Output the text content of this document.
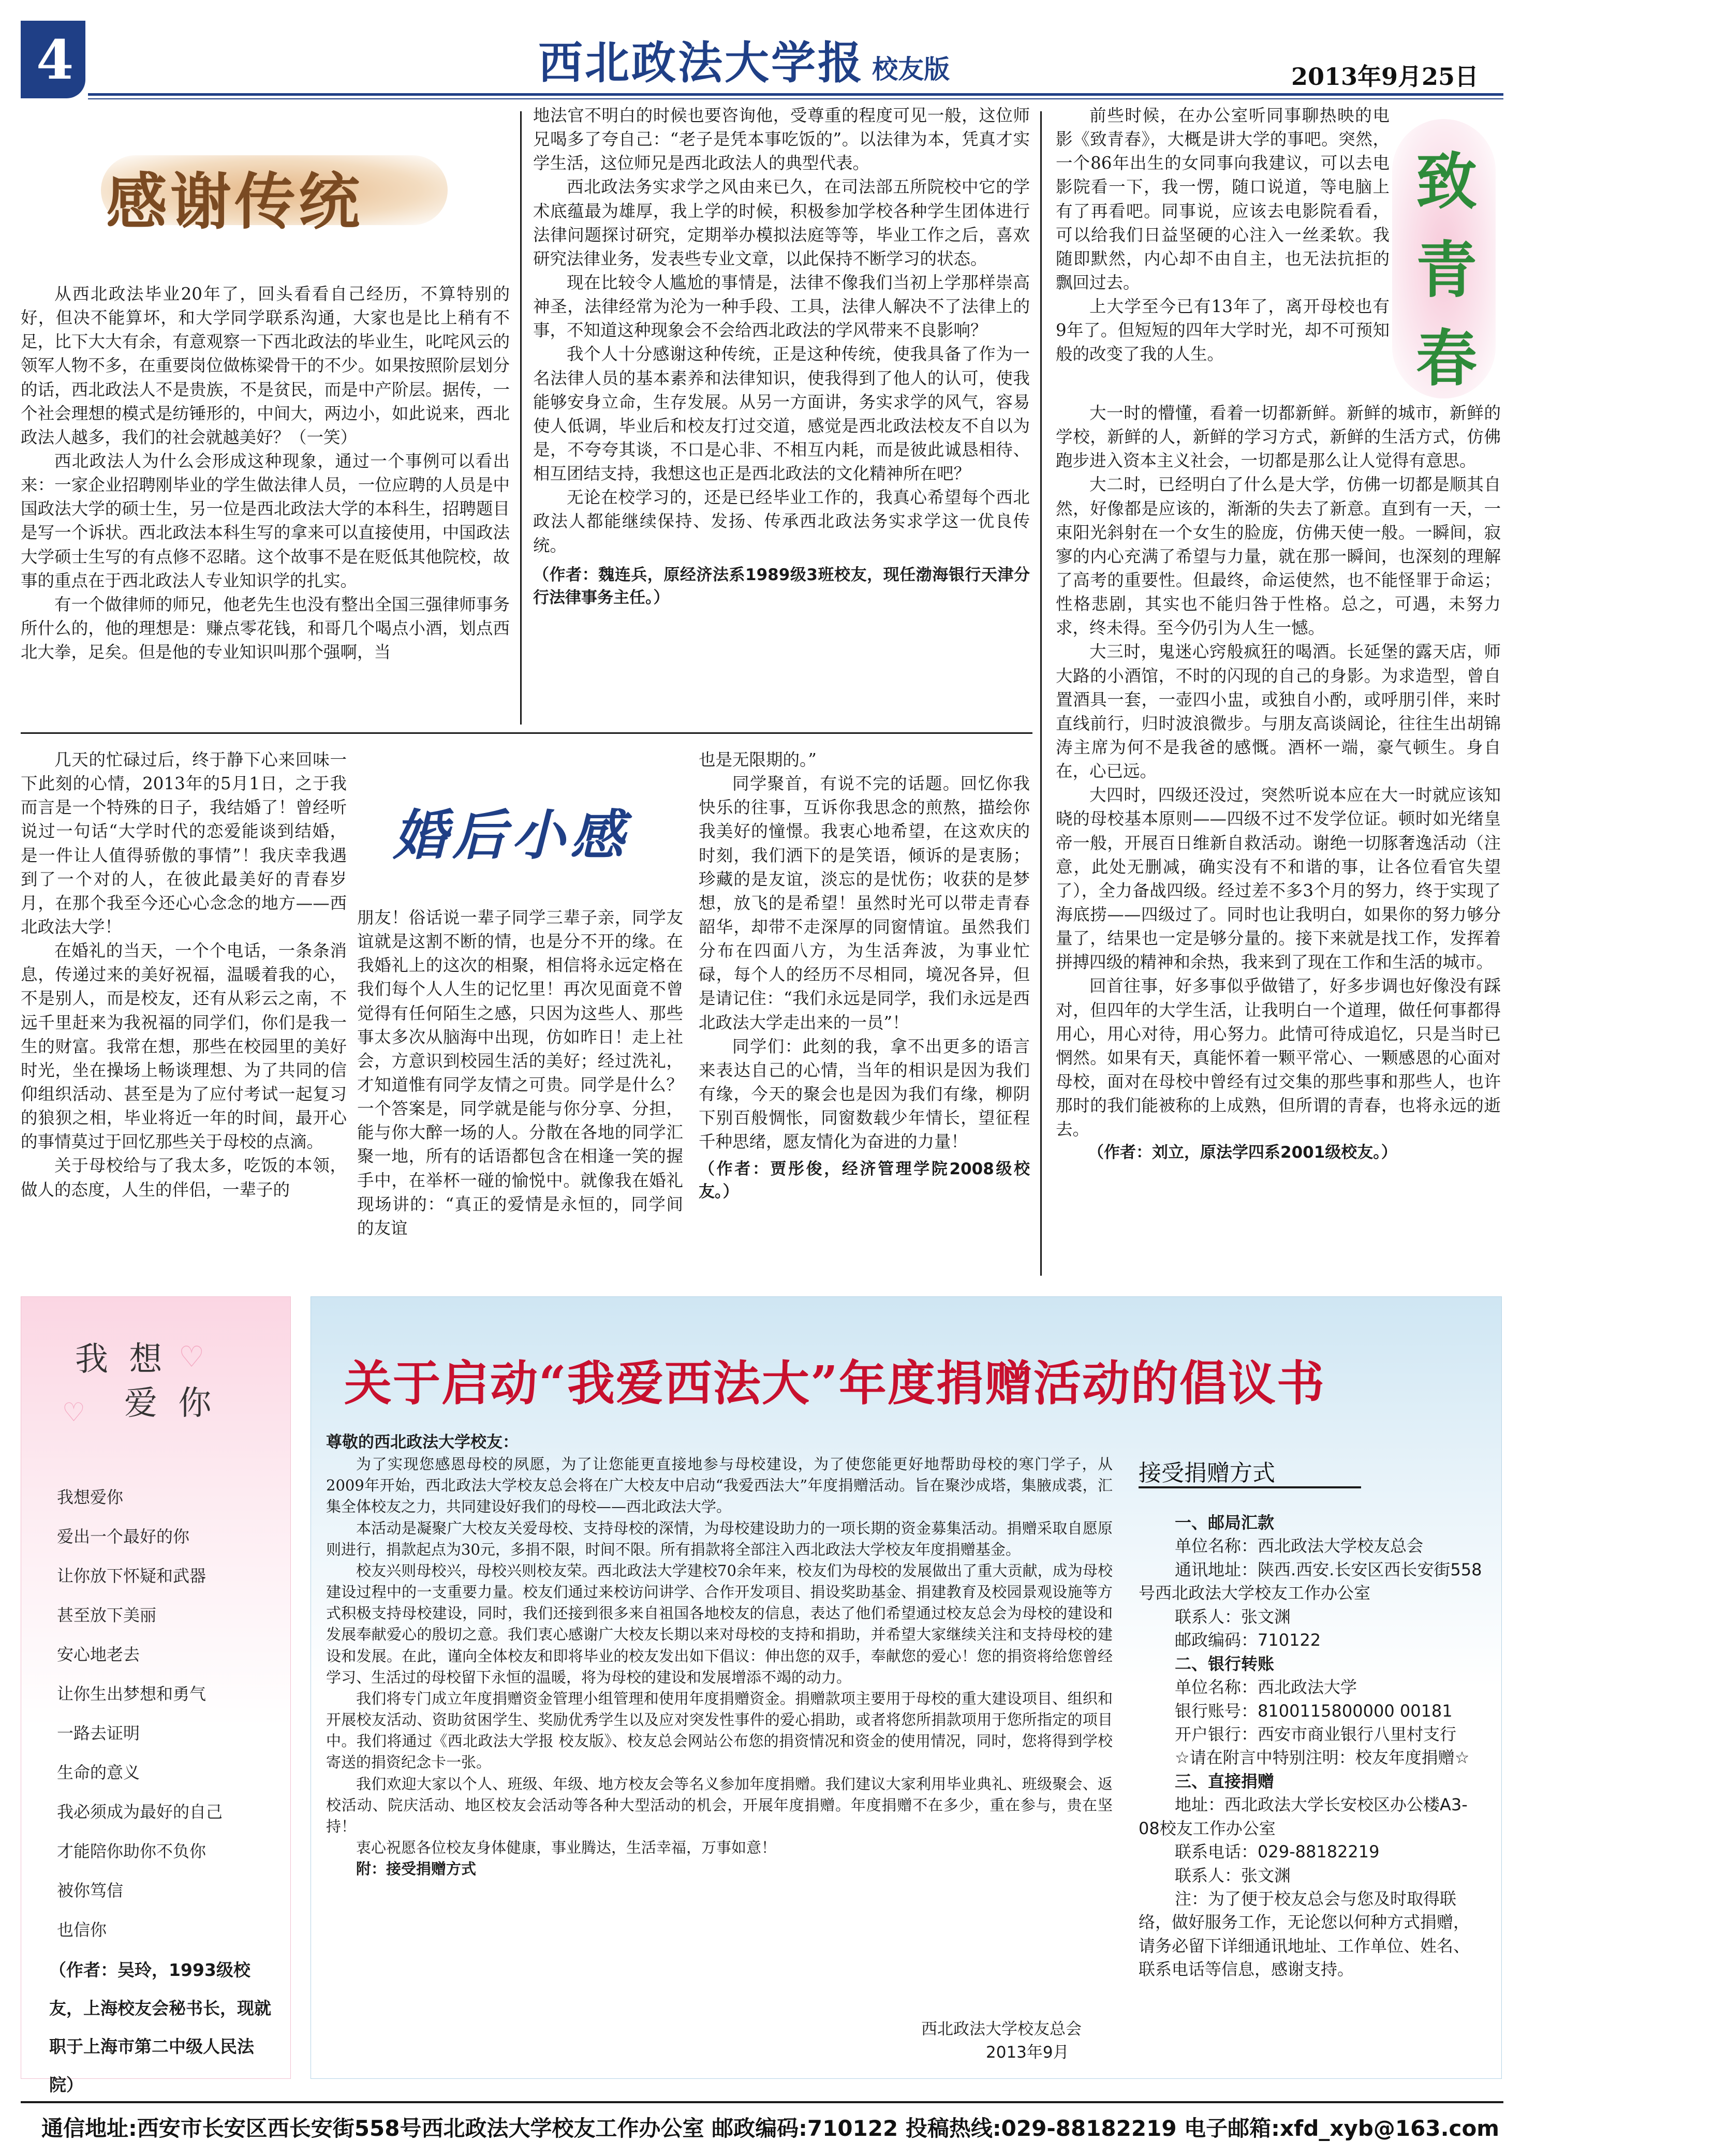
4	西北政法大学报 校友版	2013年9月25日
感谢传统

从西北政法毕业20年了，回头看看自己经历，不算特别的好，但决不能算坏，和大学同学联系沟通，大家也是比上稍有不足，比下大大有余，有意观察一下西北政法的毕业生，叱咤风云的领军人物不多，在重要岗位做栋梁骨干的不少。如果按照阶层划分的话，西北政法人不是贵族，不是贫民，而是中产阶层。据传，一个社会理想的模式是纺锤形的，中间大，两边小，如此说来，西北政法人越多，我们的社会就越美好？（一笑）

西北政法人为什么会形成这种现象，通过一个事例可以看出来：一家企业招聘刚毕业的学生做法律人员，一位应聘的人员是中国政法大学的硕士生，另一位是西北政法大学的本科生，招聘题目是写一个诉状。西北政法本科生写的拿来可以直接使用，中国政法大学硕士生写的有点修不忍睹。这个故事不是在贬低其他院校，故事的重点在于西北政法人专业知识学的扎实。

有一个做律师的师兄，他老先生也没有整出全国三强律师事务所什么的，他的理想是：赚点零花钱，和哥几个喝点小酒，划点西北大拳，足矣。但是他的专业知识叫那个强啊，当

地法官不明白的时候也要咨询他，受尊重的程度可见一般，这位师兄喝多了夸自己：“老子是凭本事吃饭的”。以法律为本，凭真才实学生活，这位师兄是西北政法人的典型代表。

西北政法务实求学之风由来已久，在司法部五所院校中它的学术底蕴最为雄厚，我上学的时候，积极参加学校各种学生团体进行法律问题探讨研究，定期举办模拟法庭等等，毕业工作之后，喜欢研究法律业务，发表些专业文章，以此保持不断学习的状态。

现在比较令人尴尬的事情是，法律不像我们当初上学那样崇高神圣，法律经常为沦为一种手段、工具，法律人解决不了法律上的事，不知道这种现象会不会给西北政法的学风带来不良影响？

我个人十分感谢这种传统，正是这种传统，使我具备了作为一名法律人员的基本素养和法律知识，使我得到了他人的认可，使我能够安身立命，生存发展。从另一方面讲，务实求学的风气，容易使人低调，毕业后和校友打过交道，感觉是西北政法校友不自以为是，不夸夸其谈，不口是心非、不相互内耗，而是彼此诚恳相待、相互团结支持，我想这也正是西北政法的文化精神所在吧？

无论在校学习的，还是已经毕业工作的，我真心希望每个西北政法人都能继续保持、发扬、传承西北政法务实求学这一优良传统。

（作者：魏连兵，原经济法系1989级3班校友，现任渤海银行天津分行法律事务主任。）

几天的忙碌过后，终于静下心来回味一下此刻的心情，2013年的5月1日，之于我而言是一个特殊的日子，我结婚了！曾经听说过一句话“大学时代的恋爱能谈到结婚，是一件让人值得骄傲的事情”！我庆幸我遇到了一个对的人，在彼此最美好的青春岁月，在那个我至今还心心念念的地方——西北政法大学！

在婚礼的当天，一个个电话，一条条消息，传递过来的美好祝福，温暖着我的心，不是别人，而是校友，还有从彩云之南，不远千里赶来为我祝福的同学们，你们是我一生的财富。我常在想，那些在校园里的美好时光，坐在操场上畅谈理想、为了共同的信仰组织活动、甚至是为了应付考试一起复习的狼狈之相，毕业将近一年的时间，最开心的事情莫过于回忆那些关于母校的点滴。

关于母校给与了我太多，吃饭的本领，做人的态度，人生的伴侣，一辈子的

婚后小感

朋友！俗话说一辈子同学三辈子亲，同学友谊就是这割不断的情，也是分不开的缘。在我婚礼上的这次的相聚，相信将永远定格在我们每个人人生的记忆里！再次见面竟不曾觉得有任何陌生之感，只因为这些人、那些事太多次从脑海中出现，仿如昨日！走上社会，方意识到校园生活的美好；经过洗礼，才知道惟有同学友情之可贵。同学是什么？一个答案是，同学就是能与你分享、分担，能与你大醉一场的人。分散在各地的同学汇聚一地，所有的话语都包含在相逢一笑的握手中，在举杯一碰的愉悦中。就像我在婚礼现场讲的：“真正的爱情是永恒的，同学间的友谊

也是无限期的。”

同学聚首，有说不完的话题。回忆你我快乐的往事，互诉你我思念的煎熬，描绘你我美好的憧憬。我衷心地希望，在这欢庆的时刻，我们洒下的是笑语，倾诉的是衷肠；珍藏的是友谊，淡忘的是忧伤；收获的是梦想，放飞的是希望！虽然时光可以带走青春韶华，却带不走深厚的同窗情谊。虽然我们分布在四面八方，为生活奔波，为事业忙碌，每个人的经历不尽相同，境况各异，但是请记住：“我们永远是同学，我们永远是西北政法大学走出来的一员”！

同学们：此刻的我，拿不出更多的语言来表达自己的心情，当年的相识是因为我们有缘，今天的聚会也是因为我们有缘，柳阴下别百般惆怅，同窗数载少年情长，望征程千种思绪，愿友情化为奋进的力量！

（作者：贾彤俊，经济管理学院2008级校友。）

前些时候，在办公室听同事聊热映的电影《致青春》，大概是讲大学的事吧。突然，一个86年出生的女同事向我建议，可以去电影院看一下，我一愣，随口说道，等电脑上有了再看吧。同事说，应该去电影院看看，可以给我们日益坚硬的心注入一丝柔软。我随即默然，内心却不由自主，也无法抗拒的飘回过去。

上大学至今已有13年了，离开母校也有9年了。但短短的四年大学时光，却不可预知般的改变了我的人生。

致青春

大一时的懵懂，看着一切都新鲜。新鲜的城市，新鲜的学校，新鲜的人，新鲜的学习方式，新鲜的生活方式，仿佛跑步进入资本主义社会，一切都是那么让人觉得有意思。

大二时，已经明白了什么是大学，仿佛一切都是顺其自然，好像都是应该的，渐渐的失去了新意。直到有一天，一束阳光斜射在一个女生的脸庞，仿佛天使一般。一瞬间，寂寥的内心充满了希望与力量，就在那一瞬间，也深刻的理解了高考的重要性。但最终，命运使然，也不能怪罪于命运；性格悲剧，其实也不能归咎于性格。总之，可遇，未努力求，终未得。至今仍引为人生一憾。

大三时，鬼迷心窍般疯狂的喝酒。长延堡的露天店，师大路的小酒馆，不时的闪现的自己的身影。为求造型，曾自置酒具一套，一壶四小盅，或独自小酌，或呼朋引伴，来时直线前行，归时波浪微步。与朋友高谈阔论，往往生出胡锦涛主席为何不是我爸的感慨。酒杯一端，豪气顿生。身自在，心已远。

大四时，四级还没过，突然听说本应在大一时就应该知晓的母校基本原则——四级不过不发学位证。顿时如光绪皇帝一般，开展百日维新自救活动。谢绝一切豚奢逸活动（注意，此处无删减，确实没有不和谐的事，让各位看官失望了），全力备战四级。经过差不多3个月的努力，终于实现了海底捞——四级过了。同时也让我明白，如果你的努力够分量了，结果也一定是够分量的。接下来就是找工作，发挥着拼搏四级的精神和余热，我来到了现在工作和生活的城市。

回首往事，好多事似乎做错了，好多步调也好像没有踩对，但四年的大学生活，让我明白一个道理，做任何事都得用心，用心对待，用心努力。此情可待成追忆，只是当时已惘然。如果有天，真能怀着一颗平常心、一颗感恩的心面对母校，面对在母校中曾经有过交集的那些事和那些人，也许那时的我们能被称的上成熟，但所谓的青春，也将永远的逝去。

（作者：刘立，原法学四系2001级校友。）

我 想 ♡
爱 你
♡
我想爱你
爱出一个最好的你
让你放下怀疑和武器
甚至放下美丽
安心地老去
让你生出梦想和勇气
一路去证明
生命的意义
我必须成为最好的自己
才能陪你助你不负你
被你笃信
也信你
（作者：吴玲，1993级校友，上海校友会秘书长，现就职于上海市第二中级人民法院）
关于启动“我爱西法大”年度捐赠活动的倡议书

尊敬的西北政法大学校友：

为了实现您感恩母校的夙愿，为了让您能更直接地参与母校建设，为了使您能更好地帮助母校的寒门学子，从2009年开始，西北政法大学校友总会将在广大校友中启动“我爱西法大”年度捐赠活动。旨在聚沙成塔，集腋成裘，汇集全体校友之力，共同建设好我们的母校——西北政法大学。

本活动是凝聚广大校友关爱母校、支持母校的深情，为母校建设助力的一项长期的资金募集活动。捐赠采取自愿原则进行，捐款起点为30元，多捐不限，时间不限。所有捐款将全部注入西北政法大学校友年度捐赠基金。

校友兴则母校兴，母校兴则校友荣。西北政法大学建校70余年来，校友们为母校的发展做出了重大贡献，成为母校建设过程中的一支重要力量。校友们通过来校访问讲学、合作开发项目、捐设奖助基金、捐建教育及校园景观设施等方式积极支持母校建设，同时，我们还接到很多来自祖国各地校友的信息，表达了他们希望通过校友总会为母校的建设和发展奉献爱心的殷切之意。我们衷心感谢广大校友长期以来对母校的支持和捐助，并希望大家继续关注和支持母校的建设和发展。在此，谨向全体校友和即将毕业的校友发出如下倡议：伸出您的双手，奉献您的爱心！您的捐资将给您曾经学习、生活过的母校留下永恒的温暖，将为母校的建设和发展增添不竭的动力。

我们将专门成立年度捐赠资金管理小组管理和使用年度捐赠资金。捐赠款项主要用于母校的重大建设项目、组织和开展校友活动、资助贫困学生、奖励优秀学生以及应对突发性事件的爱心捐助，或者将您所捐款项用于您所指定的项目中。我们将通过《西北政法大学报 校友版》、校友总会网站公布您的捐资情况和资金的使用情况，同时，您将得到学校寄送的捐资纪念卡一张。

我们欢迎大家以个人、班级、年级、地方校友会等名义参加年度捐赠。我们建议大家利用毕业典礼、班级聚会、返校活动、院庆活动、地区校友会活动等各种大型活动的机会，开展年度捐赠。年度捐赠不在多少，重在参与，贵在坚持！

衷心祝愿各位校友身体健康，事业腾达，生活幸福，万事如意！

附：接受捐赠方式

西北政法大学校友总会
2013年9月
接受捐赠方式

一、邮局汇款

单位名称：西北政法大学校友总会

通讯地址：陕西.西安.长安区西长安街558号西北政法大学校友工作办公室

联系人：张文渊

邮政编码：710122

二、银行转账

单位名称：西北政法大学

银行账号：8100115800000 00181

开户银行：西安市商业银行八里村支行

☆请在附言中特别注明：校友年度捐赠☆

三、直接捐赠

地址：西北政法大学长安校区办公楼A3-08校友工作办公室

联系电话：029-88182219

联系人：张文渊

注：为了便于校友总会与您及时取得联络，做好服务工作，无论您以何种方式捐赠，请务必留下详细通讯地址、工作单位、姓名、联系电话等信息，感谢支持。

通信地址:西安市长安区西长安街558号西北政法大学校友工作办公室 邮政编码:710122 投稿热线:029-88182219 电子邮箱:xfd_xyb@163.com
